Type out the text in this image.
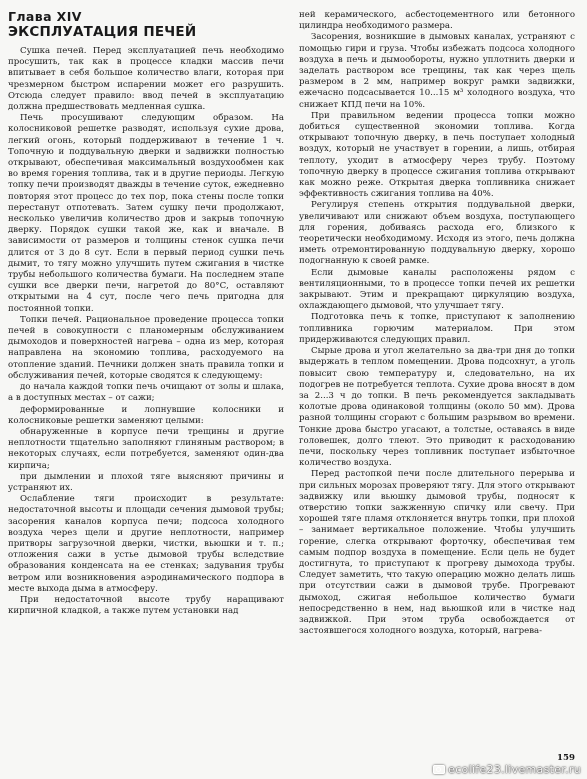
Глава XIV
ЭКСПЛУАТАЦИЯ ПЕЧЕЙ

Сушка печей. Перед эксплуатацией печь необходимо просушить, так как в процессе кладки массив печи впитывает в себя большое количество влаги, которая при чрезмерном быстром испарении может его разрушить. Отсюда следует правило: ввод печей в эксплуатацию должна предшествовать медленная сушка.

Печь просушивают следующим образом. На колосниковой решетке разводят, используя сухие дрова, легкий огонь, который поддерживают в течение 1 ч. Топочную и поддувальную дверки и задвижки полностью открывают, обеспечивая максимальный воздухообмен как во время горения топлива, так и в другие периоды. Легкую топку печи производят дважды в течение суток, ежедневно повторяя этот процесс до тех пор, пока стены после топки перестанут отпотевать. Затем сушку печи продолжают, несколько увеличив количество дров и закрыв топочную дверку. Порядок сушки такой же, как и вначале. В зависимости от размеров и толщины стенок сушка печи длится от 3 до 8 сут. Если в первый период сушки печь дымит, то тягу можно улучшить путем сжигания в чистке трубы небольшого количества бумаги. На последнем этапе сушки все дверки печи, нагретой до 80°С, оставляют открытыми на 4 сут, после чего печь пригодна для постоянной топки.

Топки печей. Рациональное проведение процесса топки печей в совокупности с планомерным обслуживанием дымоходов и поверхностей нагрева – одна из мер, которая направлена на экономию топлива, расходуемого на отопление зданий. Печники должен знать правила топки и обслуживания печей, которые сводятся к следующему:

до начала каждой топки печь очищают от золы и шлака, а в доступных местах – от сажи;

деформированные и лопнувшие колосники и колосниковые решетки заменяют целыми:

обнаруженные в корпусе печи трещины и другие неплотности тщательно заполняют глиняным раствором; в некоторых случаях, если потребуется, заменяют один-два кирпича;

при дымлении и плохой тяге выясняют причины и устраняют их.

Ослабление тяги происходит в результате: недостаточной высоты и площади сечения дымовой трубы; засорения каналов корпуса печи; подсоса холодного воздуха через щели и другие неплотности, например притворы загрузочной дверки, чистки, вьюшки и т. п.; отложения сажи в устье дымовой трубы вследствие образования конденсата на ее стенках; задувания трубы ветром или возникновения аэродинамического подпора в месте выхода дыма в атмосферу.

При недостаточной высоте трубу наращивают кирпичной кладкой, а также путем установки над

ней керамического, асбестоцементного или бетонного цилиндра необходимого размера.

Засорения, возникшие в дымовых каналах, устраняют с помощью гири и груза. Чтобы избежать подсоса холодного воздуха в печь и дымообороты, нужно уплотнить дверки и заделать раствором все трещины, так как через щель размером в 2 мм, например вокруг рамки задвижки, ежечасно подсасывается 10...15 м³ холодного воздуха, что снижает КПД печи на 10%.

При правильном ведении процесса топки можно добиться существенной экономии топлива. Когда открывают топочную дверку, в печь поступает холодный воздух, который не участвует в горении, а лишь, отбирая теплоту, уходит в атмосферу через трубу. Поэтому топочную дверку в процессе сжигания топлива открывают как можно реже. Открытая дверка топливника снижает эффективность сжигания топлива на 40%.

Регулируя степень открытия поддувальной дверки, увеличивают или снижают объем воздуха, поступающего для горения, добиваясь расхода его, близкого к теоретически необходимому. Исходя из этого, печь должна иметь отремонтированную поддувальную дверку, хорошо подогнанную к своей рамке.

Если дымовые каналы расположены рядом с вентиляционными, то в процессе топки печей их решетки закрывают. Этим и прекращают циркуляцию воздуха, охлаждающего дымовой, что улучшает тягу.

Подготовка печь к топке, приступают к заполнению топливника горючим материалом. При этом придерживаются следующих правил.

Сырые дрова и угол желательно за два-три дня до топки выдержать в теплом помещении. Дрова подсохнут, а уголь повысит свою температуру и, следовательно, на их подогрев не потребуется теплота. Сухие дрова вносят в дом за 2...3 ч до топки. В печь рекомендуется закладывать колотые дрова одинаковой толщины (около 50 мм). Дрова разной толщины сгорают с большим разрывом во времени. Тонкие дрова быстро угасают, а толстые, оставаясь в виде головешек, долго тлеют. Это приводит к расходованию печи, поскольку через топливник поступает избыточное количество воздуха.

Перед растопкой печи после длительного перерыва и при сильных морозах проверяют тягу. Для этого открывают задвижку или вьюшку дымовой трубы, подносят к отверстию топки зажженную спичку или свечу. При хорошей тяге пламя отклоняется внутрь топки, при плохой – занимает вертикальное положение. Чтобы улучшить горение, слегка открывают форточку, обеспечивая тем самым подпор воздуха в помещение. Если цель не будет достигнута, то приступают к прогреву дымохода трубы. Следует заметить, что такую операцию можно делать лишь при отсутствии сажи в дымовой трубе. Прогревают дымоход, сжигая небольшое количество бумаги непосредственно в нем, над вьюшкой или в чистке над задвижкой. При этом труба освобождается от застоявшегося холодного воздуха, который, нагрева-

159
ecolife23.livemaster.ru
